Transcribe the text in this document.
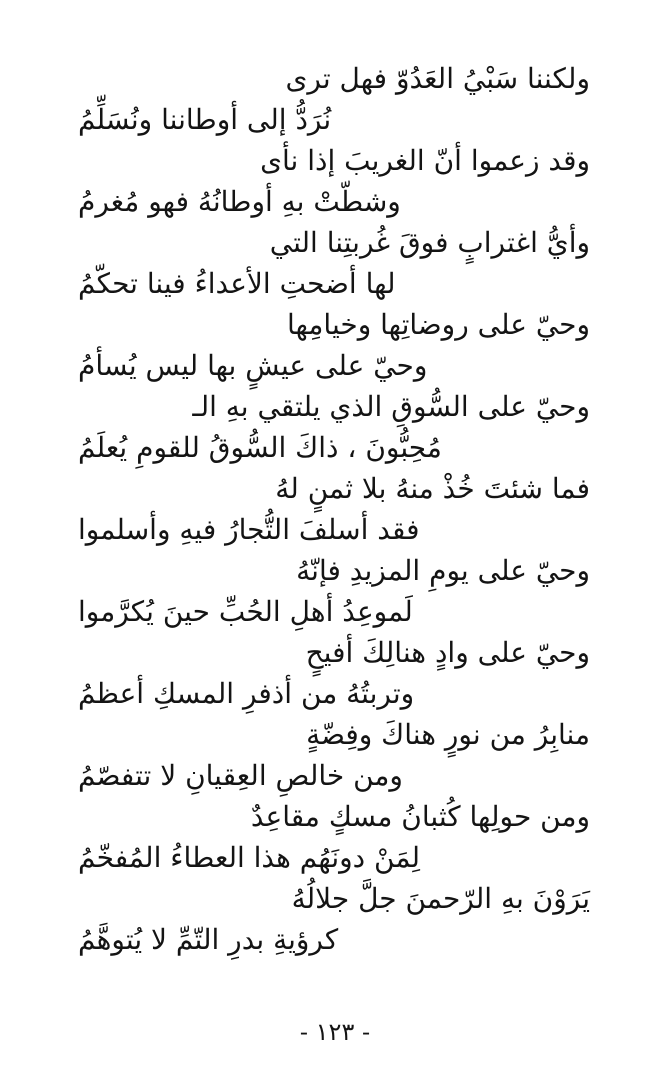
ولكننا سَبْيُ العَدُوّ فهل ترى
نُرَدُّ إلى أوطاننا ونُسَلِّمُ
وقد زعموا أنّ الغريبَ إذا نأى
وشطّتْ بهِ أوطانُهُ فهو مُغرمُ
وأيُّ اغترابٍ فوقَ غُربتِنا التي
لها أضحتِ الأعداءُ فينا تحكّمُ
وحيّ على روضاتِها وخيامِها
وحيّ على عيشٍ بها ليس يُسأمُ
وحيّ على السُّوقِ الذي يلتقي بهِ الـ
مُحِبُّونَ ، ذاكَ السُّوقُ للقومِ يُعلَمُ
فما شئتَ خُذْ منهُ بلا ثمنٍ لهُ
فقد أسلفَ التُّجارُ فيهِ وأسلموا
وحيّ على يومِ المزيدِ فإنّهُ
لَموعِدُ أهلِ الحُبِّ حينَ يُكرَّموا
وحيّ على وادٍ هنالِكَ أفيحٍ
وتربتُهُ من أذفرِ المسكِ أعظمُ
منابِرُ من نورٍ هناكَ وفِضّةٍ
ومن خالصِ العِقيانِ لا تتفصّمُ
ومن حولِها كُثبانُ مسكٍ مقاعِدٌ
لِمَنْ دونَهُم هذا العطاءُ المُفخّمُ
يَرَوْنَ بهِ الرّحمنَ جلَّ جلالُهُ
كرؤيةِ بدرِ التّمِّ لا يُتوهَّمُ
- ١٢٣ -
